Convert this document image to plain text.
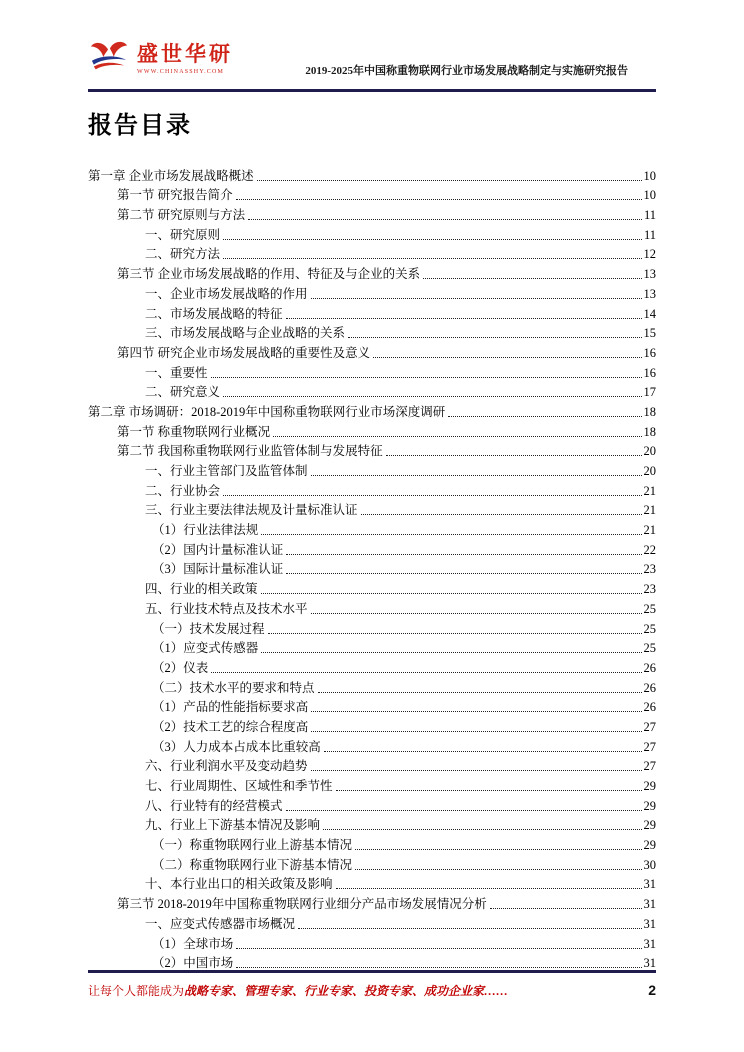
盛世华研
WWW.CHINASSHY.COM	2019-2025年中国称重物联网行业市场发展战略制定与实施研究报告
报告目录
第一章 企业市场发展战略概述	10
第一节 研究报告简介	10
第二节 研究原则与方法	11
一、研究原则	11
二、研究方法	12
第三节 企业市场发展战略的作用、特征及与企业的关系	13
一、企业市场发展战略的作用	13
二、市场发展战略的特征	14
三、市场发展战略与企业战略的关系	15
第四节 研究企业市场发展战略的重要性及意义	16
一、重要性	16
二、研究意义	17
第二章 市场调研：2018-2019年中国称重物联网行业市场深度调研	18
第一节 称重物联网行业概况	18
第二节 我国称重物联网行业监管体制与发展特征	20
一、行业主管部门及监管体制	20
二、行业协会	21
三、行业主要法律法规及计量标准认证	21
（1）行业法律法规	21
（2）国内计量标准认证	22
（3）国际计量标准认证	23
四、行业的相关政策	23
五、行业技术特点及技术水平	25
（一）技术发展过程	25
（1）应变式传感器	25
（2）仪表	26
（二）技术水平的要求和特点	26
（1）产品的性能指标要求高	26
（2）技术工艺的综合程度高	27
（3）人力成本占成本比重较高	27
六、行业利润水平及变动趋势	27
七、行业周期性、区域性和季节性	29
八、行业特有的经营模式	29
九、行业上下游基本情况及影响	29
（一）称重物联网行业上游基本情况	29
（二）称重物联网行业下游基本情况	30
十、本行业出口的相关政策及影响	31
第三节 2018-2019年中国称重物联网行业细分产品市场发展情况分析	31
一、应变式传感器市场概况	31
（1）全球市场	31
（2）中国市场	31
让每个人都能成为战略专家、管理专家、行业专家、投资专家、成功企业家……	2
